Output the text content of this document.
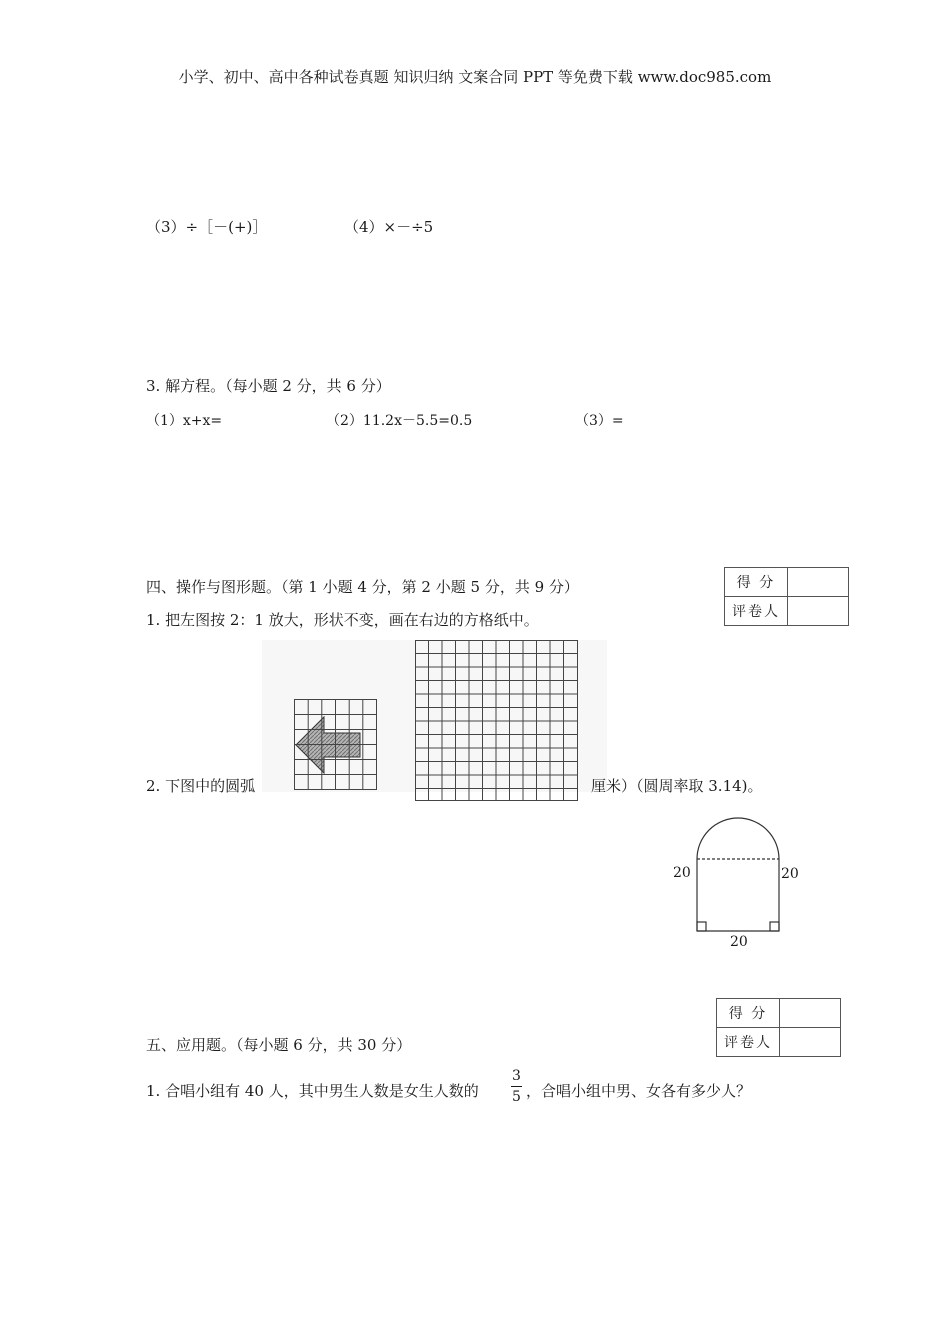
小学、初中、高中各种试卷真题 知识归纳 文案合同 PPT 等免费下载 www.doc985.com
（3）÷［－(+)］	（4）×－÷5
3. 解方程。（每小题 2 分，共 6 分）
（1）x+x=	（2）11.2x－5.5=0.5	（3）=
四、操作与图形题。（第 1 小题 4 分，第 2 小题 5 分，共 9 分）	得 分	
评卷人	
1. 把左图按 2：1 放大，形状不变，画在右边的方格纸中。
2. 下图中的圆弧	厘米）（圆周率取 3.14)。
20	20
20
得 分	
评卷人	
五、应用题。（每小题 6 分，共 30 分）
1. 合唱小组有 40 人，其中男生人数是女生人数的
3
5 ，合唱小组中男、女各有多少人？
